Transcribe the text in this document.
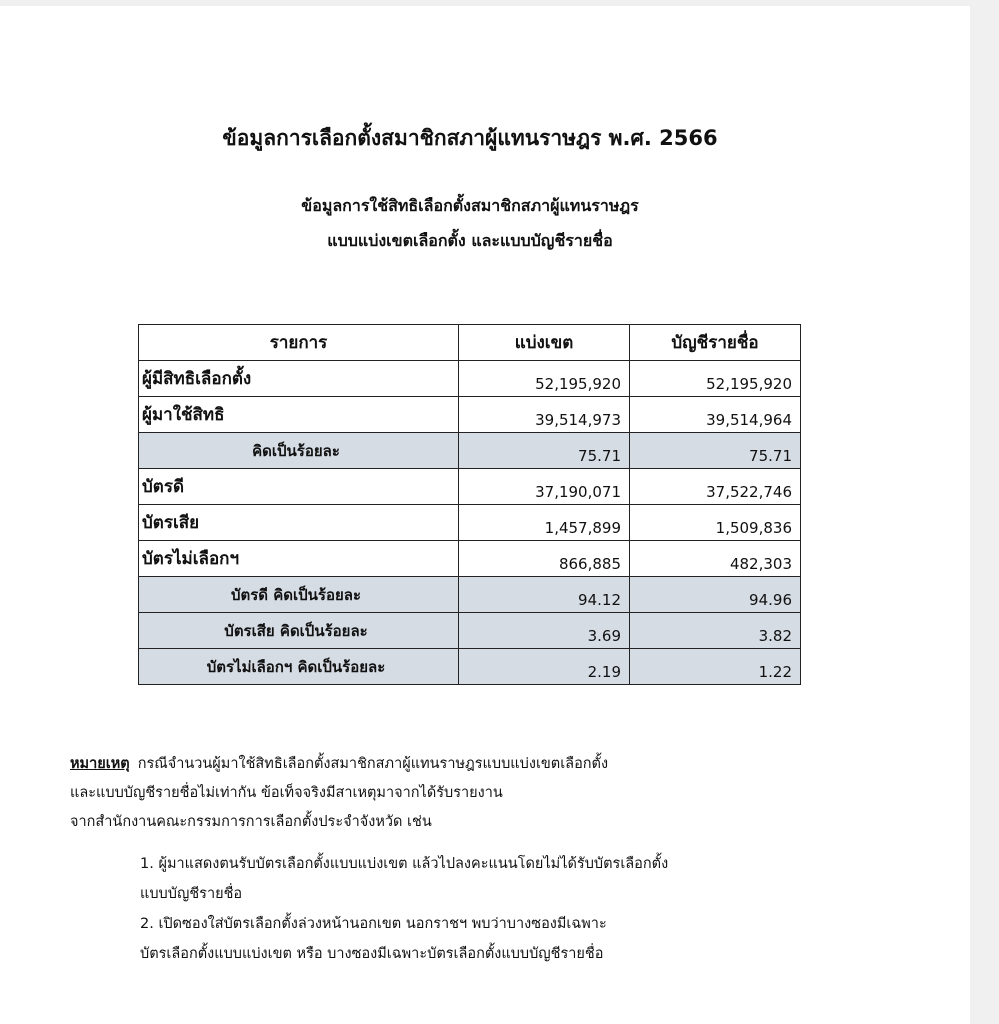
ข้อมูลการเลือกตั้งสมาชิกสภาผู้แทนราษฎร พ.ศ. 2566
ข้อมูลการใช้สิทธิเลือกตั้งสมาชิกสภาผู้แทนราษฎร
แบบแบ่งเขตเลือกตั้ง และแบบบัญชีรายชื่อ
รายการ	แบ่งเขต	บัญชีรายชื่อ
ผู้มีสิทธิเลือกตั้ง	52,195,920	52,195,920
ผู้มาใช้สิทธิ	39,514,973	39,514,964
คิดเป็นร้อยละ	75.71	75.71
บัตรดี	37,190,071	37,522,746
บัตรเสีย	1,457,899	1,509,836
บัตรไม่เลือกฯ	866,885	482,303
บัตรดี คิดเป็นร้อยละ	94.12	94.96
บัตรเสีย คิดเป็นร้อยละ	3.69	3.82
บัตรไม่เลือกฯ คิดเป็นร้อยละ	2.19	1.22
หมายเหตุ กรณีจำนวนผู้มาใช้สิทธิเลือกตั้งสมาชิกสภาผู้แทนราษฎรแบบแบ่งเขตเลือกตั้ง
และแบบบัญชีรายชื่อไม่เท่ากัน ข้อเท็จจริงมีสาเหตุมาจากได้รับรายงาน
จากสำนักงานคณะกรรมการการเลือกตั้งประจำจังหวัด เช่น
1. ผู้มาแสดงตนรับบัตรเลือกตั้งแบบแบ่งเขต แล้วไปลงคะแนนโดยไม่ได้รับบัตรเลือกตั้ง
แบบบัญชีรายชื่อ
2. เปิดซองใส่บัตรเลือกตั้งล่วงหน้านอกเขต นอกราชฯ พบว่าบางซองมีเฉพาะ
บัตรเลือกตั้งแบบแบ่งเขต หรือ บางซองมีเฉพาะบัตรเลือกตั้งแบบบัญชีรายชื่อ
